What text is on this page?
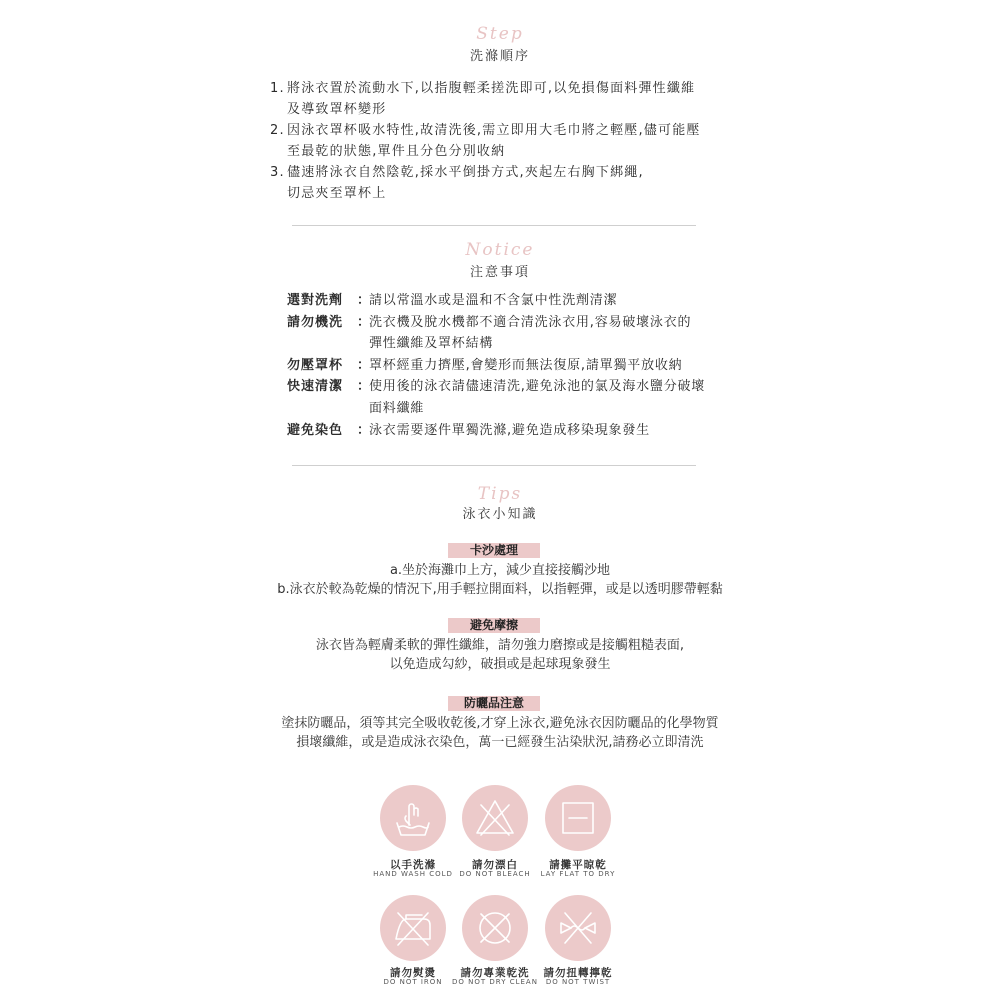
Step
洗滌順序
1. 將泳衣置於流動水下,以指腹輕柔搓洗即可,以免損傷面料彈性纖維
及導致罩杯變形
2. 因泳衣罩杯吸水特性,故清洗後,需立即用大毛巾將之輕壓,儘可能壓
至最乾的狀態,單件且分色分別收納
3. 儘速將泳衣自然陰乾,採水平倒掛方式,夾起左右胸下綁繩,
切忌夾至罩杯上
Notice
注意事項
選對洗劑	：
請以常溫水或是溫和不含氯中性洗劑清潔
請勿機洗	：
洗衣機及脫水機都不適合清洗泳衣用,容易破壞泳衣的
彈性纖維及罩杯結構
勿壓罩杯	：
罩杯經重力擠壓,會變形而無法復原,請單獨平放收納
快速清潔	：
使用後的泳衣請儘速清洗,避免泳池的氯及海水鹽分破壞
面料纖維
避免染色	：
泳衣需要逐件單獨洗滌,避免造成移染現象發生
Tips
泳衣小知識
卡沙處理
a.坐於海灘巾上方，減少直接接觸沙地
b.泳衣於較為乾燥的情況下,用手輕拉開面料，以指輕彈，或是以透明膠帶輕黏
避免摩擦
泳衣皆為輕膚柔軟的彈性纖維，請勿強力磨擦或是接觸粗糙表面,
以免造成勾紗，破損或是起球現象發生
防曬品注意
塗抹防曬品，須等其完全吸收乾後,才穿上泳衣,避免泳衣因防曬品的化學物質
損壞纖維，或是造成泳衣染色，萬一已經發生沾染狀況,請務必立即清洗
以手洗滌
HAND WASH COLD
請勿漂白
DO NOT BLEACH
請攤平晾乾
LAY FLAT TO DRY
請勿熨燙
DO NOT IRON
請勿專業乾洗
DO NOT DRY CLEAN
請勿扭轉擰乾
DO NOT TWIST
